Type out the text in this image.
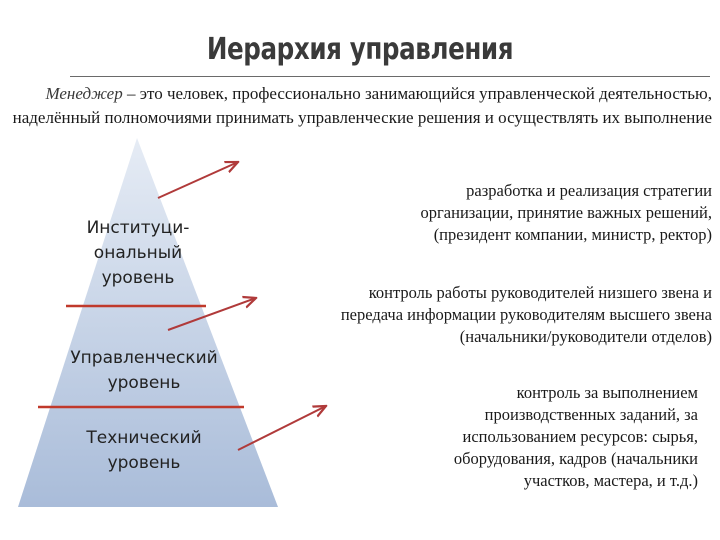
Иерархия управления
Менеджер – это человек, профессионально занимающийся управленческой деятельностью, наделённый полномочиями принимать управленческие решения и осуществлять их выполнение
Институци-
ональный
уровень
Управленческий
уровень
Технический
уровень
разработка и реализация стратегии
организации, принятие важных решений,
(президент компании, министр, ректор)
контроль работы руководителей низшего звена и
передача информации руководителям высшего звена
(начальники/руководители отделов)
контроль за выполнением
производственных заданий, за
использованием ресурсов: сырья,
оборудования, кадров (начальники
участков, мастера, и т.д.)
